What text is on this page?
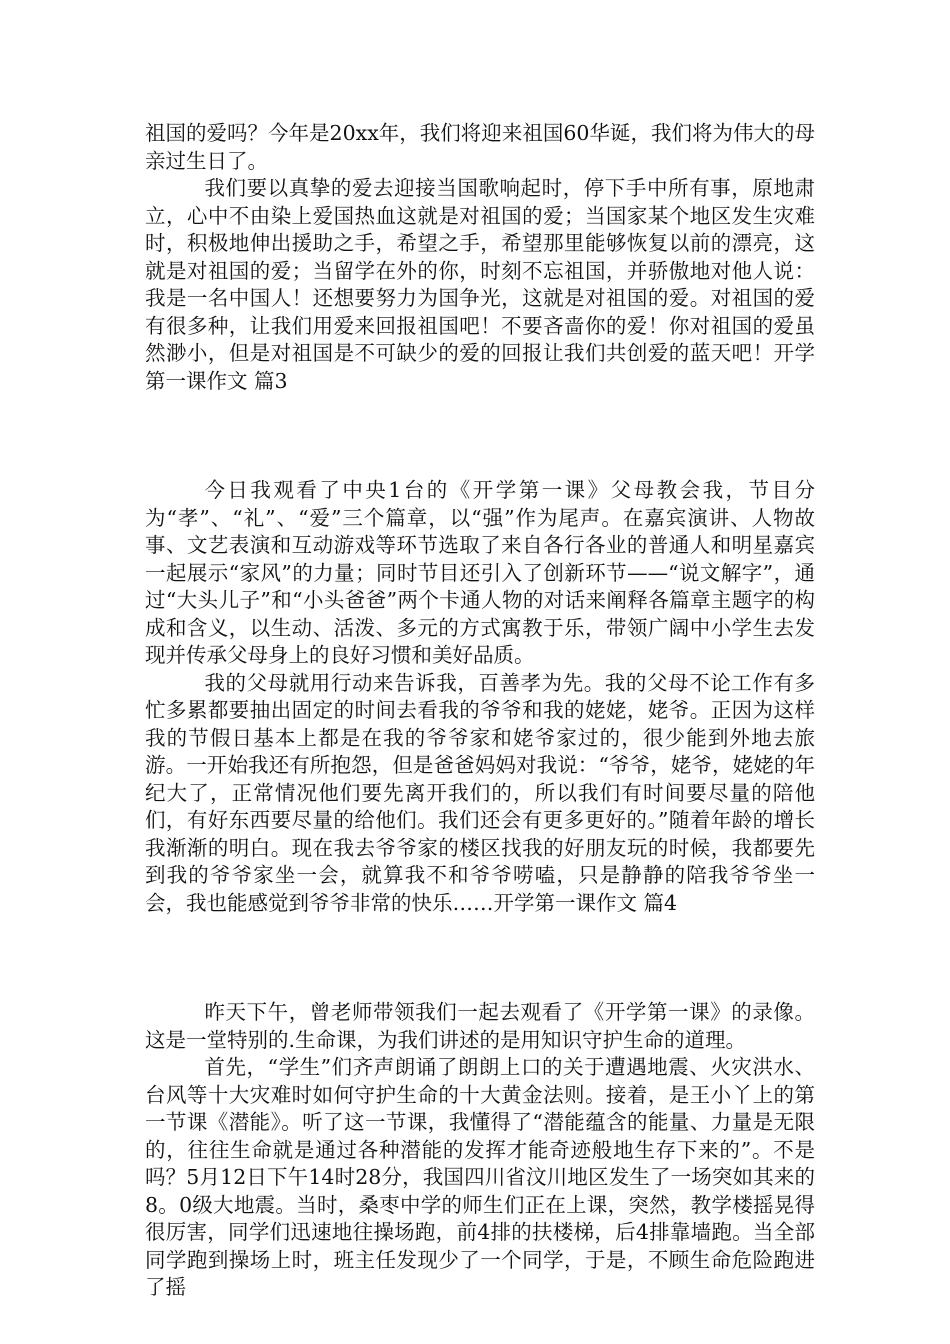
祖国的爱吗？今年是20xx年，我们将迎来祖国60华诞，我们将为伟大的母亲过生日了。

我们要以真挚的爱去迎接当国歌响起时，停下手中所有事，原地肃立，心中不由染上爱国热血这就是对祖国的爱；当国家某个地区发生灾难时，积极地伸出援助之手，希望之手，希望那里能够恢复以前的漂亮，这就是对祖国的爱；当留学在外的你，时刻不忘祖国，并骄傲地对他人说：我是一名中国人！还想要努力为国争光，这就是对祖国的爱。对祖国的爱有很多种，让我们用爱来回报祖国吧！不要吝啬你的爱！你对祖国的爱虽然渺小，但是对祖国是不可缺少的爱的回报让我们共创爱的蓝天吧！开学第一课作文 篇3

今日我观看了中央1台的《开学第一课》父母教会我，节目分为“孝”、“礼”、“爱”三个篇章，以“强”作为尾声。在嘉宾演讲、人物故事、文艺表演和互动游戏等环节选取了来自各行各业的普通人和明星嘉宾一起展示“家风”的力量；同时节目还引入了创新环节——“说文解字”，通过“大头儿子”和“小头爸爸”两个卡通人物的对话来阐释各篇章主题字的构成和含义，以生动、活泼、多元的方式寓教于乐，带领广阔中小学生去发现并传承父母身上的良好习惯和美好品质。

我的父母就用行动来告诉我，百善孝为先。我的父母不论工作有多忙多累都要抽出固定的时间去看我的爷爷和我的姥姥，姥爷。正因为这样我的节假日基本上都是在我的爷爷家和姥爷家过的，很少能到外地去旅游。一开始我还有所抱怨，但是爸爸妈妈对我说：“爷爷，姥爷，姥姥的年纪大了，正常情况他们要先离开我们的，所以我们有时间要尽量的陪他们，有好东西要尽量的给他们。我们还会有更多更好的。”随着年龄的增长我渐渐的明白。现在我去爷爷家的楼区找我的好朋友玩的时候，我都要先到我的爷爷家坐一会，就算我不和爷爷唠嗑，只是静静的陪我爷爷坐一会，我也能感觉到爷爷非常的快乐……开学第一课作文 篇4

昨天下午，曾老师带领我们一起去观看了《开学第一课》的录像。这是一堂特别的.生命课，为我们讲述的是用知识守护生命的道理。

首先，“学生”们齐声朗诵了朗朗上口的关于遭遇地震、火灾洪水、台风等十大灾难时如何守护生命的十大黄金法则。接着，是王小丫上的第一节课《潜能》。听了这一节课，我懂得了“潜能蕴含的能量、力量是无限的，往往生命就是通过各种潜能的发挥才能奇迹般地生存下来的”。不是吗？5月12日下午14时28分，我国四川省汶川地区发生了一场突如其来的8。0级大地震。当时，桑枣中学的师生们正在上课，突然，教学楼摇晃得很厉害，同学们迅速地往操场跑，前4排的扶楼梯，后4排靠墙跑。当全部同学跑到操场上时，班主任发现少了一个同学，于是，不顾生命危险跑进了摇
